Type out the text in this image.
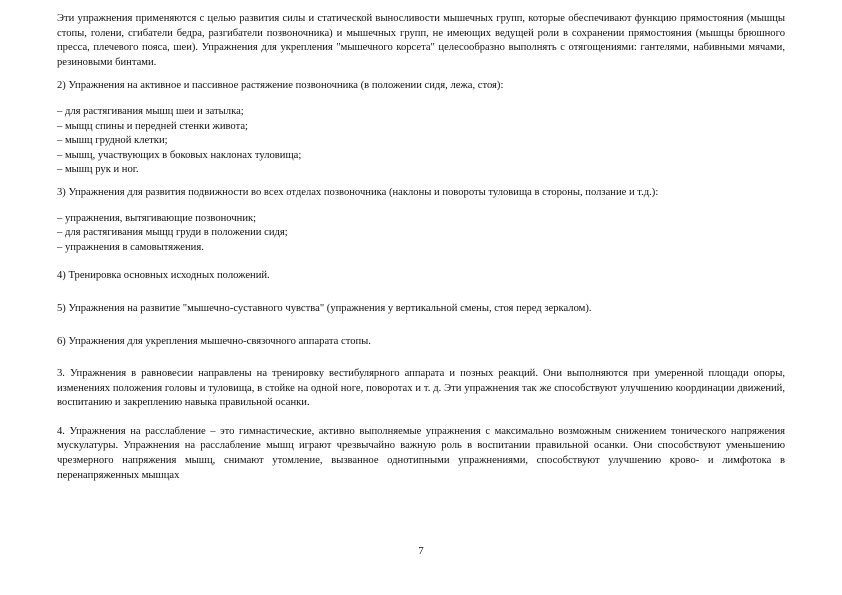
Эти упражнения применяются с целью развития силы и статической выносливости мышечных групп, которые обеспечивают функцию прямостояния (мышцы стопы, голени, сгибатели бедра, разгибатели позвоночника) и мышечных групп, не имеющих ведущей роли в сохранении прямостояния (мышцы брюшного пресса, плечевого пояса, шеи). Упражнения для укрепления "мышечного корсета" целесообразно выполнять с отягощениями: гантелями, набивными мячами, резиновыми бинтами.

2) Упражнения на активное и пассивное растяжение позвоночника (в положении сидя, лежа, стоя):

– для растягивания мышц шеи и затылка;
– мыщц спины и передней стенки живота;
– мышц грудной клетки;
– мышц, участвующих в боковых наклонах туловища;
– мышц рук и ног.

3) Упражнения для развития подвижности во всех отделах позвоночника (наклоны и повороты туловища в стороны, ползание и т.д.):

– упражнения, вытягивающие позвоночник;
– для растягивания мыщц груди в положении сидя;
– упражнения в самовытяжения.

4) Тренировка основных исходных положений.

5) Упражнения на развитие "мышечно-суставного чувства" (упражнения у вертикальной смены, стоя перед зеркалом).

6) Упражнения для укрепления мышечно-связочного аппарата стопы.

3. Упражнения в равновесии направлены на тренировку вестибулярного аппарата и позных реакций. Они выполняются при умеренной площади опоры, изменениях положения головы и туловища, в стойке на одной ноге, поворотах и т. д. Эти упражнения так же способствуют улучшению координации движений, воспитанию и закреплению навыка правильной осанки.

4. Упражнения на расслабление – это гимнастические, активно выполняемые упражнения с максимально возможным снижением тонического напряжения мускулатуры. Упражнения на расслабление мышц играют чрезвычайно важную роль в воспитании правильной осанки. Они способствуют уменьшению чрезмерного напряжения мышц, снимают утомление, вызванное однотипными упражнениями, способствуют улучшению крово- и лимфотока в перенапряженных мышцах

7
